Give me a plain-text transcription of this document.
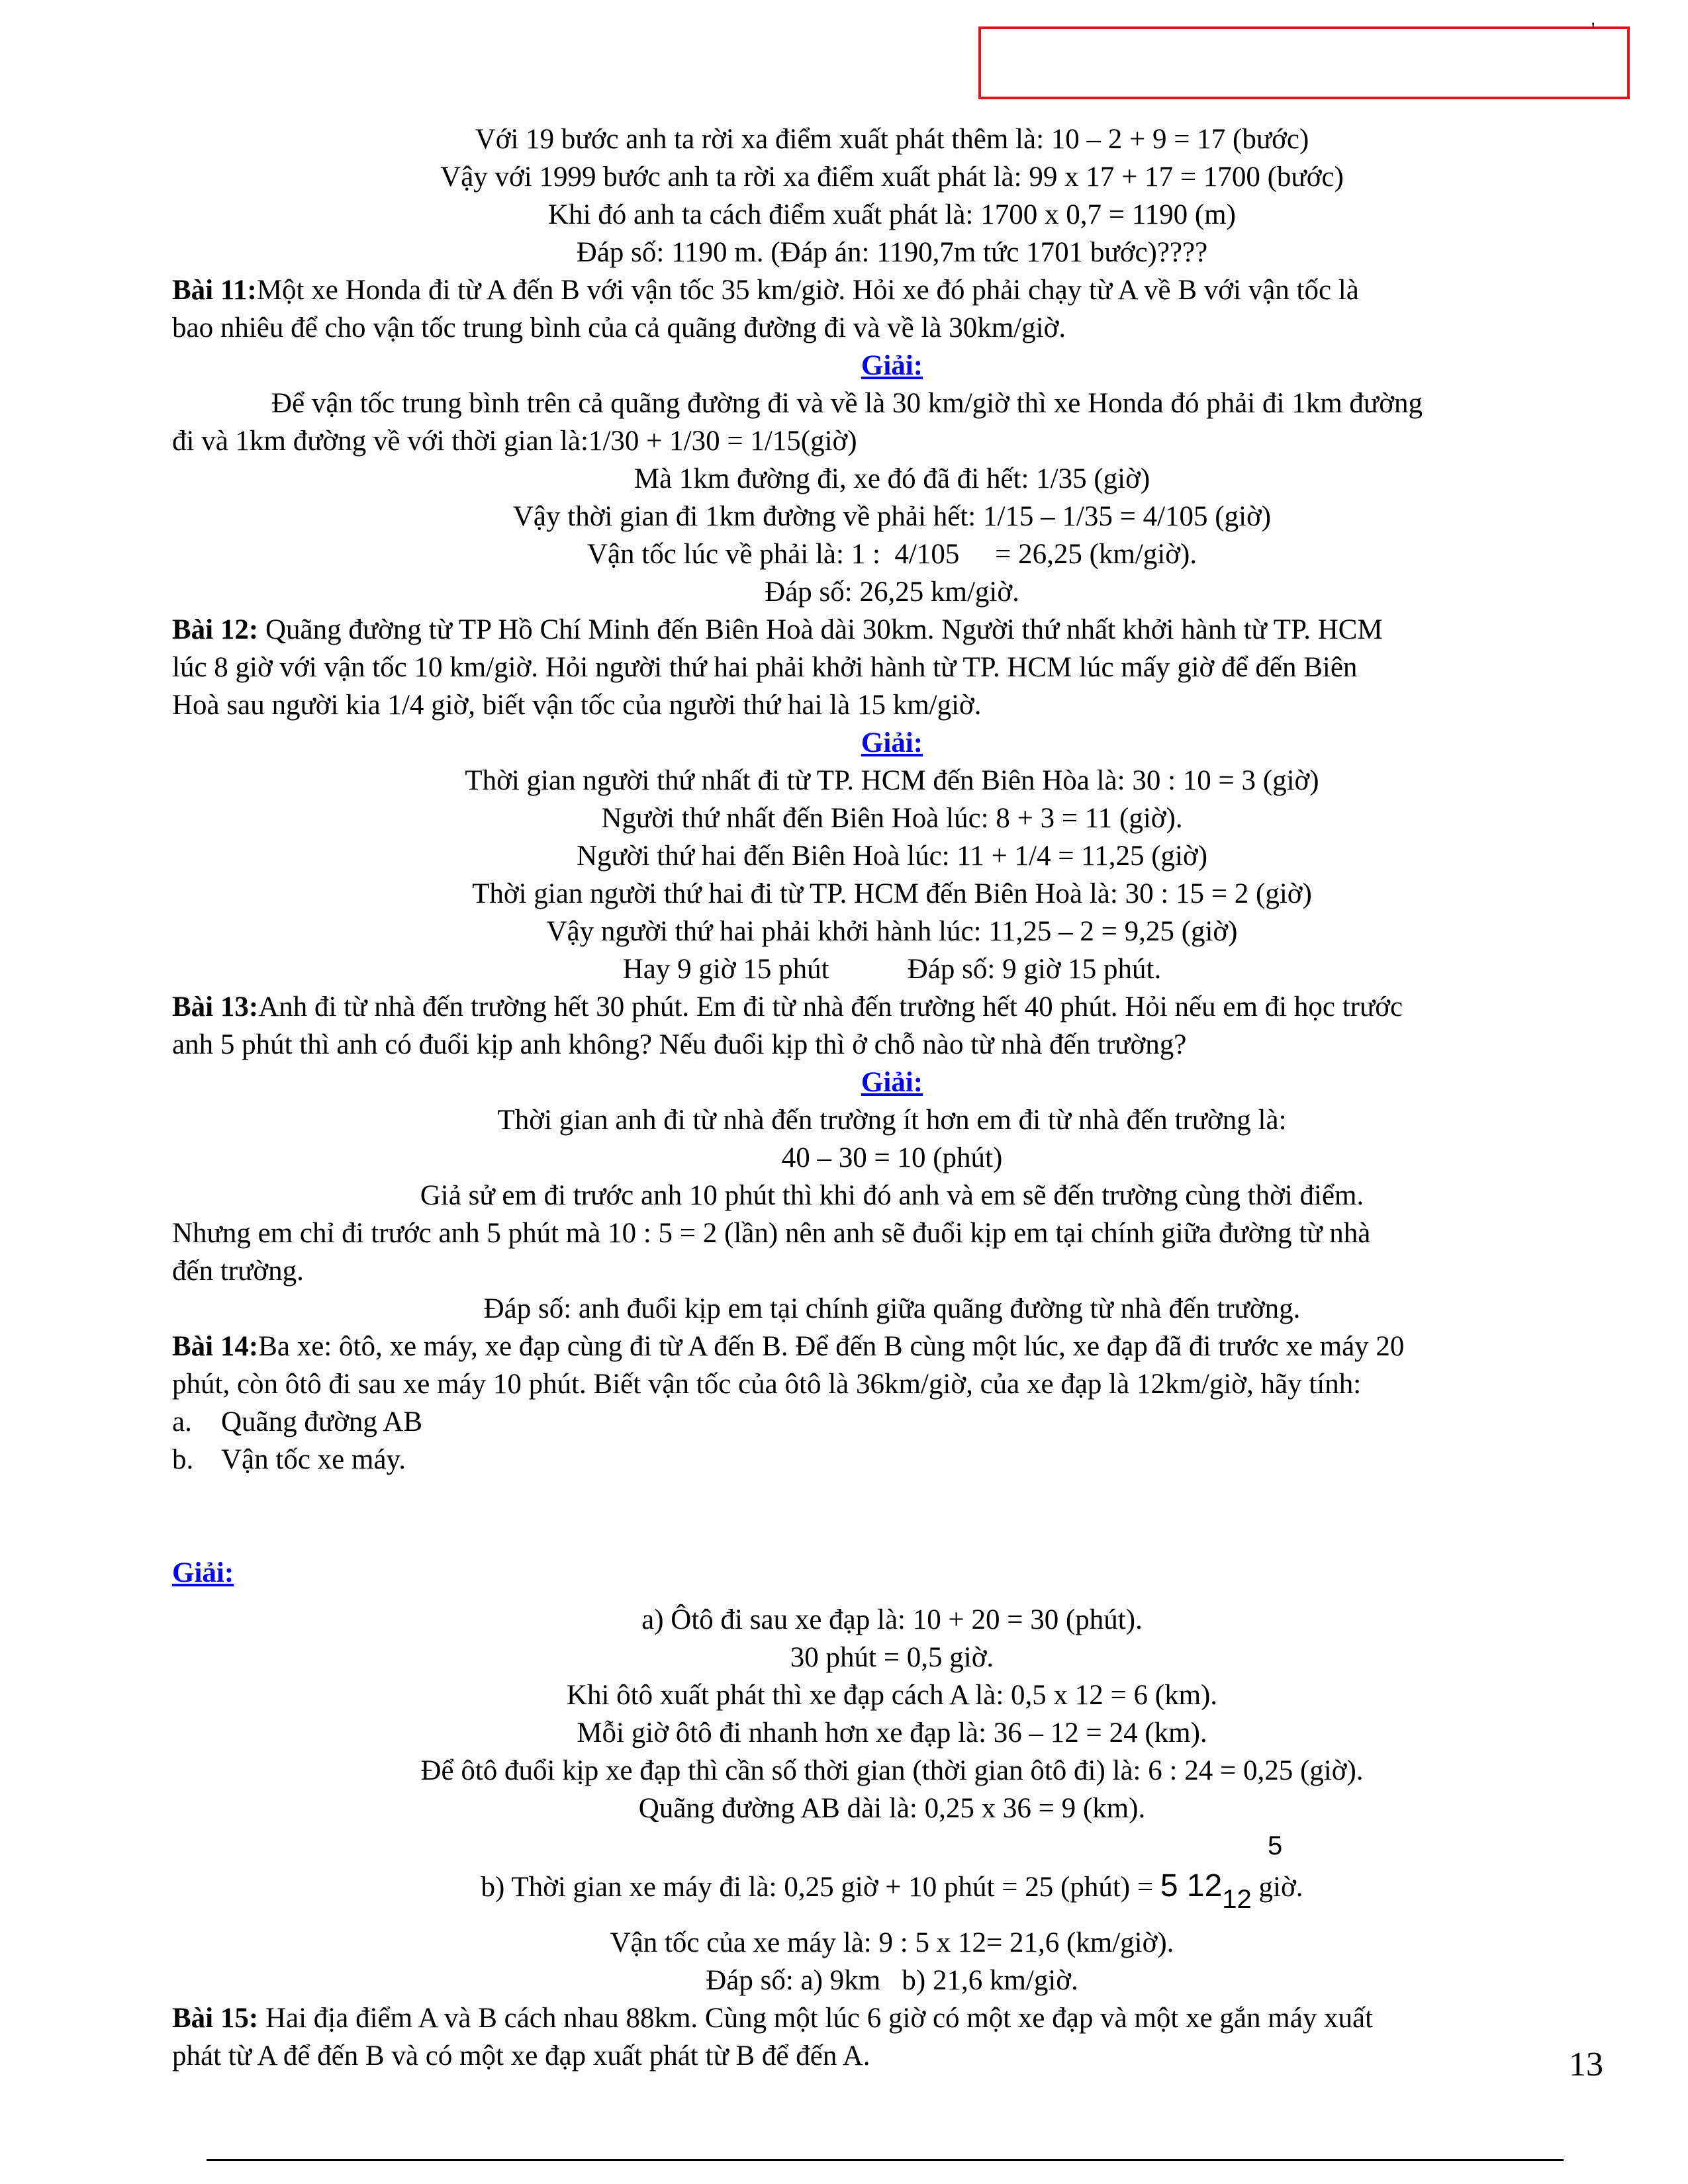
'

Với 19 bước anh ta rời xa điểm xuất phát thêm là: 10 – 2 + 9 = 17 (bước)

Vậy với 1999 bước anh ta rời xa điểm xuất phát là: 99 x 17 + 17 = 1700 (bước)

Khi đó anh ta cách điểm xuất phát là: 1700 x 0,7 = 1190 (m)

Đáp số: 1190 m. (Đáp án: 1190,7m tức 1701 bước)????

Bài 11:Một xe Honda đi từ A đến B với vận tốc 35 km/giờ. Hỏi xe đó phải chạy từ A về B với vận tốc là

bao nhiêu để cho vận tốc trung bình của cả quãng đường đi và về là 30km/giờ.

Giải:

Để vận tốc trung bình trên cả quãng đường đi và về là 30 km/giờ thì xe Honda đó phải đi 1km đường

đi và 1km đường về với thời gian là:1/30 + 1/30 = 1/15(giờ)

Mà 1km đường đi, xe đó đã đi hết: 1/35 (giờ)

Vậy thời gian đi 1km đường về phải hết: 1/15 – 1/35 = 4/105 (giờ)

Vận tốc lúc về phải là: 1 :  4/105     = 26,25 (km/giờ).

Đáp số: 26,25 km/giờ.

Bài 12: Quãng đường từ TP Hồ Chí Minh đến Biên Hoà dài 30km. Người thứ nhất khởi hành từ TP. HCM

lúc 8 giờ với vận tốc 10 km/giờ. Hỏi người thứ hai phải khởi hành từ TP. HCM lúc mấy giờ để đến Biên

Hoà sau người kia 1/4 giờ, biết vận tốc của người thứ hai là 15 km/giờ.

Giải:

Thời gian người thứ nhất đi từ TP. HCM đến Biên Hòa là: 30 : 10 = 3 (giờ)

Người thứ nhất đến Biên Hoà lúc: 8 + 3 = 11 (giờ).

Người thứ hai đến Biên Hoà lúc: 11 + 1/4 = 11,25 (giờ)

Thời gian người thứ hai đi từ TP. HCM đến Biên Hoà là: 30 : 15 = 2 (giờ)

Vậy người thứ hai phải khởi hành lúc: 11,25 – 2 = 9,25 (giờ)

Hay 9 giờ 15 phút           Đáp số: 9 giờ 15 phút.

Bài 13:Anh đi từ nhà đến trường hết 30 phút. Em đi từ nhà đến trường hết 40 phút. Hỏi nếu em đi học trước

anh 5 phút thì anh có đuổi kịp anh không? Nếu đuổi kịp thì ở chỗ nào từ nhà đến trường?

Giải:

Thời gian anh đi từ nhà đến trường ít hơn em đi từ nhà đến trường là:

40 – 30 = 10 (phút)

Giả sử em đi trước anh 10 phút thì khi đó anh và em sẽ đến trường cùng thời điểm.

Nhưng em chỉ đi trước anh 5 phút mà 10 : 5 = 2 (lần) nên anh sẽ đuổi kịp em tại chính giữa đường từ nhà

đến trường.

Đáp số: anh đuổi kịp em tại chính giữa quãng đường từ nhà đến trường.

Bài 14:Ba xe: ôtô, xe máy, xe đạp cùng đi từ A đến B. Để đến B cùng một lúc, xe đạp đã đi trước xe máy 20

phút, còn ôtô đi sau xe máy 10 phút. Biết vận tốc của ôtô là 36km/giờ, của xe đạp là 12km/giờ, hãy tính:

a. Quãng đường AB

b. Vận tốc xe máy.

Giải:

a) Ôtô đi sau xe đạp là: 10 + 20 = 30 (phút).

30 phút = 0,5 giờ.

Khi ôtô xuất phát thì xe đạp cách A là: 0,5 x 12 = 6 (km).

Mỗi giờ ôtô đi nhanh hơn xe đạp là: 36 – 12 = 24 (km).

Để ôtô đuổi kịp xe đạp thì cần số thời gian (thời gian ôtô đi) là: 6 : 24 = 0,25 (giờ).

Quãng đường AB dài là: 0,25 x 36 = 9 (km).

5

b) Thời gian xe máy đi là: 0,25 giờ + 10 phút = 25 (phút) = 5 1212 giờ.

Vận tốc của xe máy là: 9 : 5 x 12= 21,6 (km/giờ).

Đáp số: a) 9km   b) 21,6 km/giờ.

Bài 15: Hai địa điểm A và B cách nhau 88km. Cùng một lúc 6 giờ có một xe đạp và một xe gắn máy xuất

phát từ A để đến B và có một xe đạp xuất phát từ B để đến A.	13
